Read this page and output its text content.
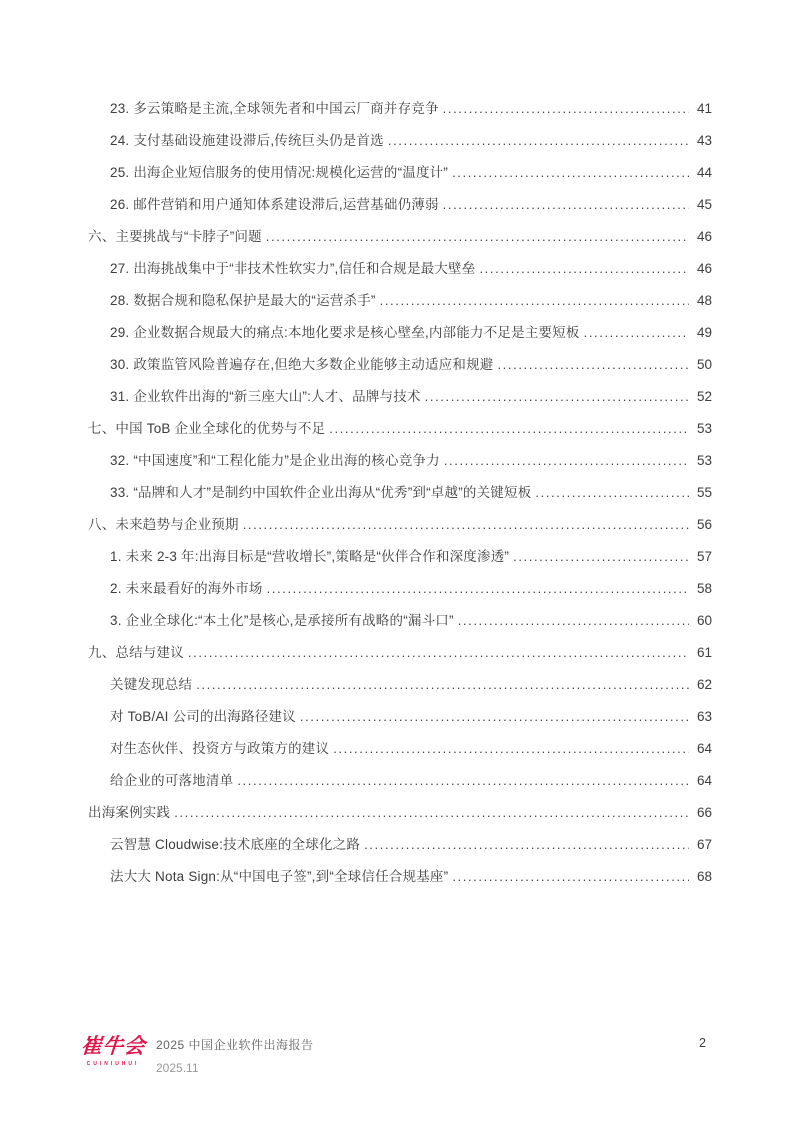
23. 多云策略是主流,全球领先者和中国云厂商并存竞争 .....	41
24. 支付基础设施建设滞后,传统巨头仍是首选 .....	43
25. 出海企业短信服务的使用情况:规模化运营的“温度计” .....	44
26. 邮件营销和用户通知体系建设滞后,运营基础仍薄弱 .....	45
六、主要挑战与“卡脖子”问题 .....	46
27. 出海挑战集中于“非技术性软实力”,信任和合规是最大壁垒 .....	46
28. 数据合规和隐私保护是最大的“运营杀手” .....	48
29. 企业数据合规最大的痛点:本地化要求是核心壁垒,内部能力不足是主要短板 .....	49
30. 政策监管风险普遍存在,但绝大多数企业能够主动适应和规避 .....	50
31. 企业软件出海的“新三座大山”:人才、品牌与技术 .....	52
七、中国 ToB 企业全球化的优势与不足 .....	53
32. “中国速度”和“工程化能力”是企业出海的核心竞争力 .....	53
33. “品牌和人才”是制约中国软件企业出海从“优秀”到“卓越”的关键短板 .....	55
八、未来趋势与企业预期 .....	56
1. 未来 2-3 年:出海目标是“营收增长”,策略是“伙伴合作和深度渗透” .....	57
2. 未来最看好的海外市场 .....	58
3. 企业全球化:“本土化”是核心,是承接所有战略的“漏斗口” .....	60
九、总结与建议 .....	61
关键发现总结 .....	62
对 ToB/AI 公司的出海路径建议 .....	63
对生态伙伴、投资方与政策方的建议 .....	64
给企业的可落地清单 .....	64
出海案例实践 .....	66
云智慧 Cloudwise:技术底座的全球化之路 .....	67
法大大 Nota Sign:从“中国电子签”,到“全球信任合规基座” .....	68
崔牛会
CUINIUHUI
2025 中国企业软件出海报告
2025.11
2
